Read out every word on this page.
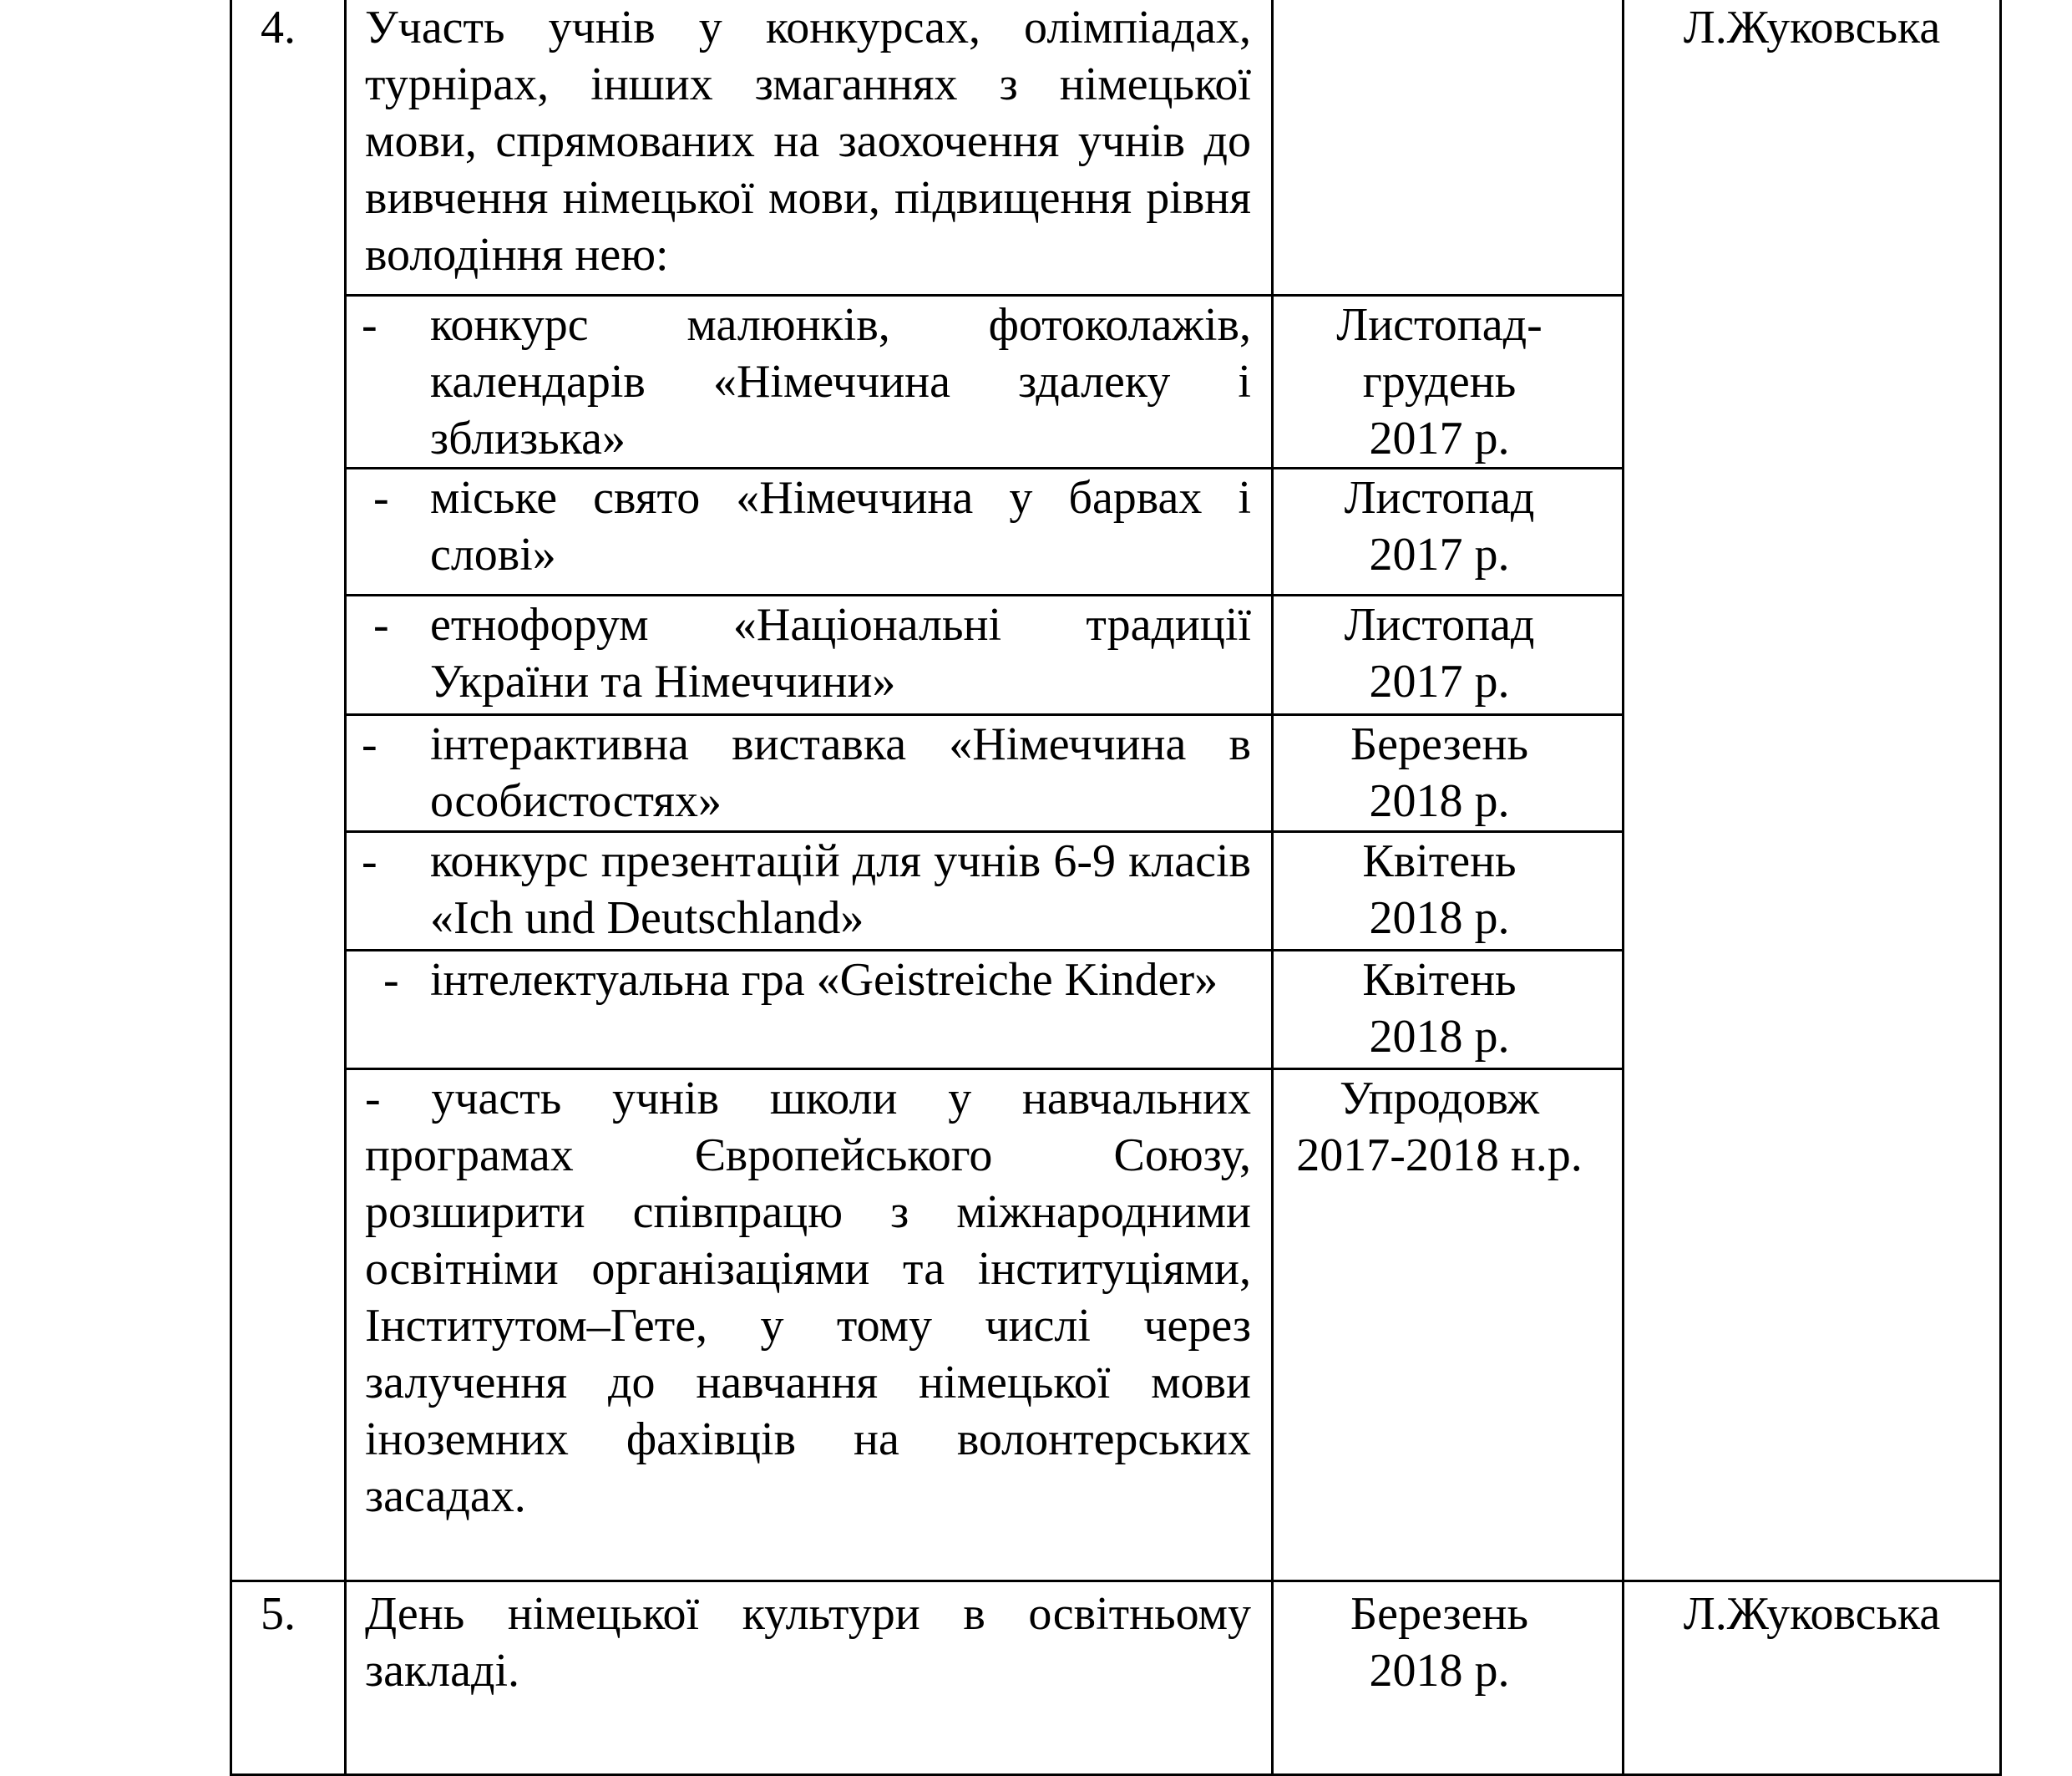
4.	Участь учнів у конкурсах, олімпіадах, турнірах, інших змаганнях з німецької мови, спрямованих на заохочення учнів до вивчення німецької мови, підвищення рівня володіння нею:		Л.Жуковська

	- конкурс малюнків, фотоколажів, календарів «Німеччина здалеку і зблизька»	Листопад-
грудень
2017 р.	

	- міське свято «Німеччина у барвах і слові»	Листопад
2017 р.	

	- етнофорум «Національні традиції України та Німеччини»	Листопад
2017 р.	

	- інтерактивна виставка «Німеччина в особистостях»	Березень
2018 р.	

	- конкурс презентацій для учнів 6-9 класів «Ich und Deutschland»	Квітень
2018 р.	

	- інтелектуальна гра «Geistreiche Kinder»	Квітень
2018 р.	

	- участь учнів школи у навчальних програмах Європейського Союзу, розширити співпрацю з міжнародними освітніми організаціями та інституціями, Інститутом–Гете, у тому числі через залучення до навчання німецької мови іноземних фахівців на волонтерських засадах.	Упродовж
2017-2018 н.р.	

5.	День німецької культури в освітньому закладі.	Березень
2018 р.	Л.Жуковська
